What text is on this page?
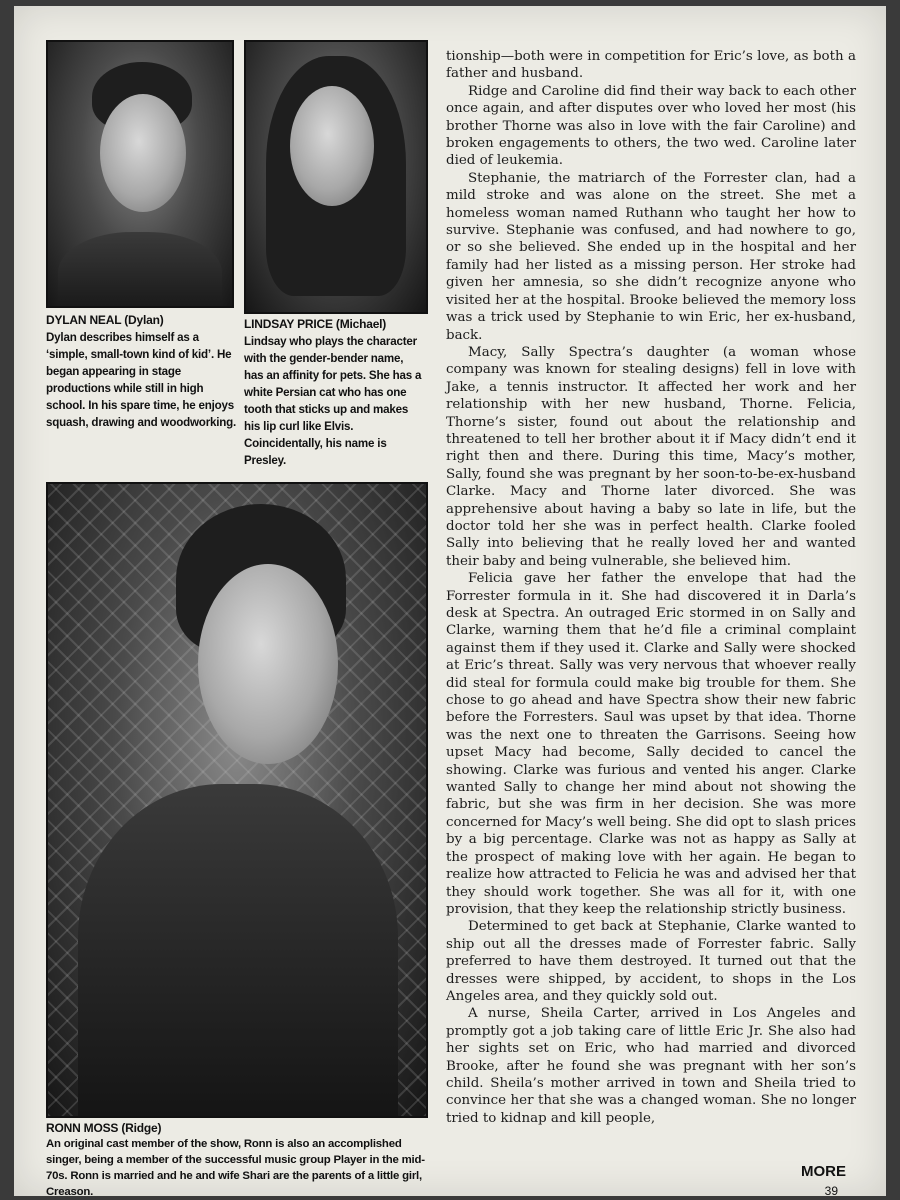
DYLAN NEAL (Dylan)
Dylan describes himself as a ‘simple, small-town kind of kid’. He began appearing in stage productions while still in high school. In his spare time, he enjoys squash, drawing and woodworking.
LINDSAY PRICE (Michael)
Lindsay who plays the character with the gender-bender name, has an affinity for pets. She has a white Persian cat who has one tooth that sticks up and makes his lip curl like Elvis. Coincidentally, his name is Presley.
RONN MOSS (Ridge)
An original cast member of the show, Ronn is also an accomplished singer, being a member of the successful music group Player in the mid-70s. Ronn is married and he and wife Shari are the parents of a little girl, Creason.

tionship—both were in competition for Eric’s love, as both a father and husband.

Ridge and Caroline did find their way back to each other once again, and after disputes over who loved her most (his brother Thorne was also in love with the fair Caroline) and broken engagements to others, the two wed. Caroline later died of leukemia.

Stephanie, the matriarch of the Forrester clan, had a mild stroke and was alone on the street. She met a homeless woman named Ruthann who taught her how to survive. Stephanie was confused, and had nowhere to go, or so she believed. She ended up in the hospital and her family had her listed as a missing person. Her stroke had given her amnesia, so she didn’t recognize anyone who visited her at the hospital. Brooke believed the memory loss was a trick used by Stephanie to win Eric, her ex-husband, back.

Macy, Sally Spectra’s daughter (a woman whose company was known for stealing designs) fell in love with Jake, a tennis instructor. It affected her work and her relationship with her new husband, Thorne. Felicia, Thorne’s sister, found out about the relationship and threatened to tell her brother about it if Macy didn’t end it right then and there. During this time, Macy’s mother, Sally, found she was pregnant by her soon-to-be-ex-husband Clarke. Macy and Thorne later divorced. She was apprehensive about having a baby so late in life, but the doctor told her she was in perfect health. Clarke fooled Sally into believing that he really loved her and wanted their baby and being vulnerable, she believed him.

Felicia gave her father the envelope that had the Forrester formula in it. She had discovered it in Darla’s desk at Spectra. An outraged Eric stormed in on Sally and Clarke, warning them that he’d file a criminal complaint against them if they used it. Clarke and Sally were shocked at Eric’s threat. Sally was very nervous that whoever really did steal for formula could make big trouble for them. She chose to go ahead and have Spectra show their new fabric before the Forresters. Saul was upset by that idea. Thorne was the next one to threaten the Garrisons. Seeing how upset Macy had become, Sally decided to cancel the showing. Clarke was furious and vented his anger. Clarke wanted Sally to change her mind about not showing the fabric, but she was firm in her decision. She was more concerned for Macy’s well being. She did opt to slash prices by a big percentage. Clarke was not as happy as Sally at the prospect of making love with her again. He began to realize how attracted to Felicia he was and advised her that they should work together. She was all for it, with one provision, that they keep the relationship strictly business.

Determined to get back at Stephanie, Clarke wanted to ship out all the dresses made of Forrester fabric. Sally preferred to have them destroyed. It turned out that the dresses were shipped, by accident, to shops in the Los Angeles area, and they quickly sold out.

A nurse, Sheila Carter, arrived in Los Angeles and promptly got a job taking care of little Eric Jr. She also had her sights set on Eric, who had married and divorced Brooke, after he found she was pregnant with her son’s child. Sheila’s mother arrived in town and Sheila tried to convince her that she was a changed woman. She no longer tried to kidnap and kill people,

MORE
39
